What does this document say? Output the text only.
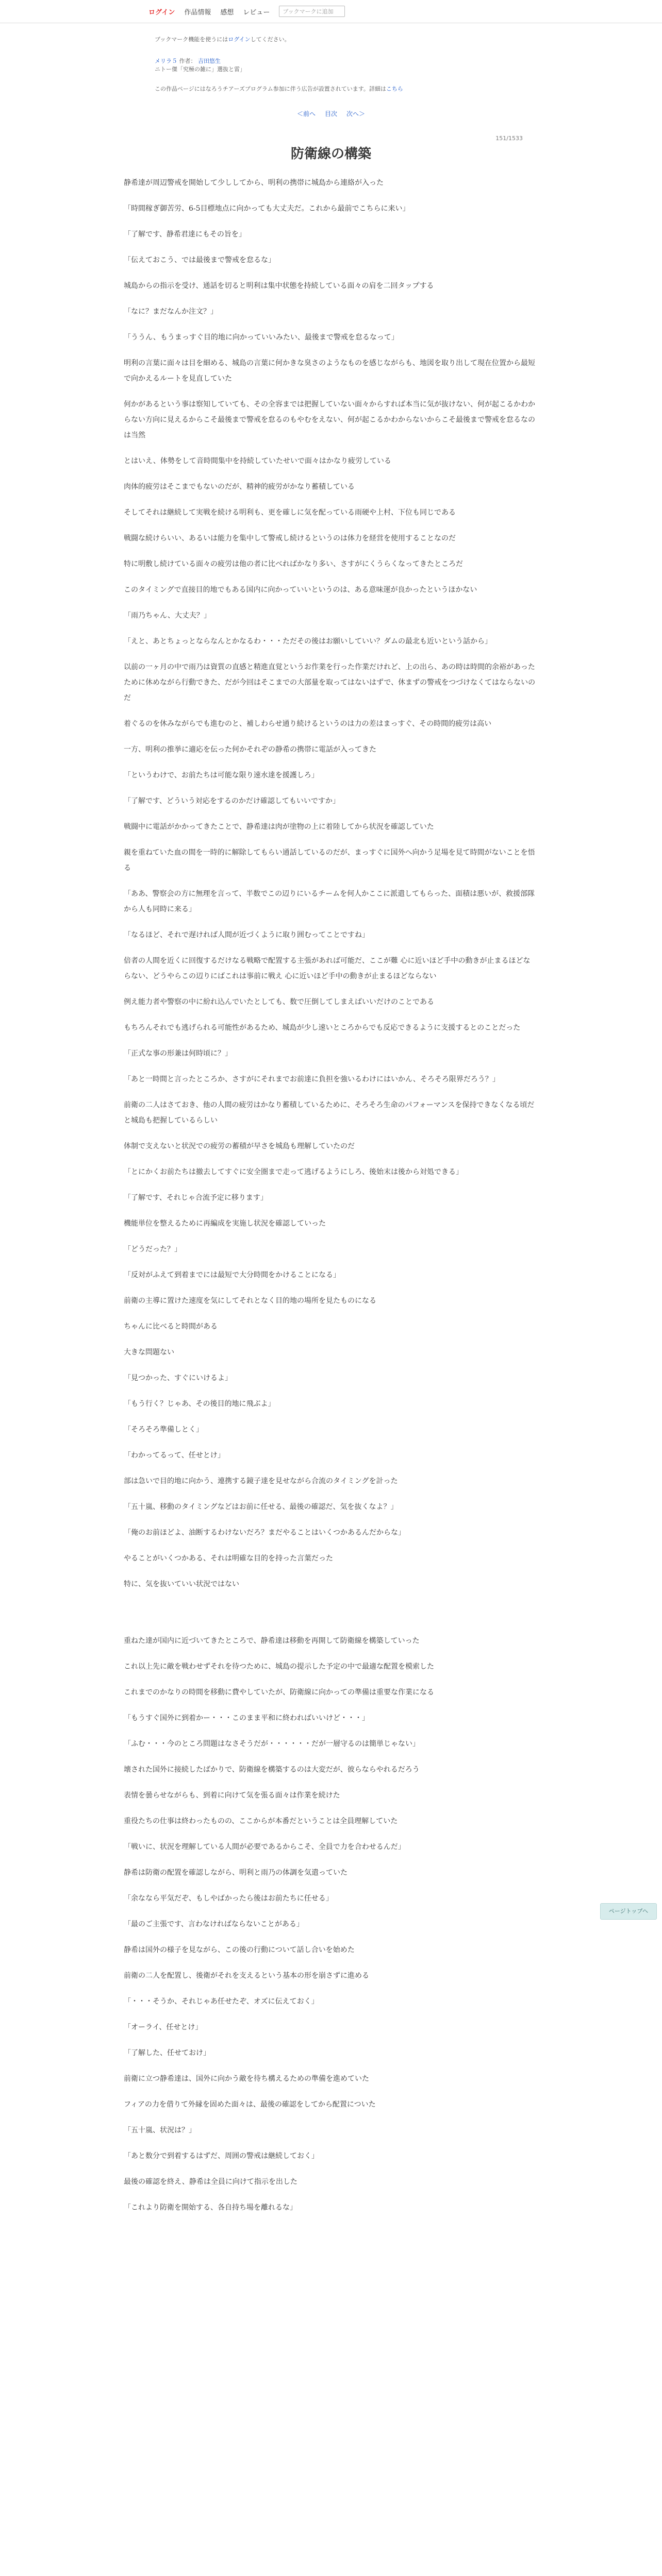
ログイン 作品情報 感想 レビュー
ブックマークに追加
ブックマーク機能を使うにはログインしてください。
メリラ５ 作者： 吉田悠生
ニトー傑「究極の雑に」選抜と雷」
この作品ページにはなろうチアーズプログラム参加に伴う広告が設置されています。詳細はこちら
＜前へ 目次 次へ＞
151/1533
防衛線の構築

静希達が周辺警戒を開始して少ししてから、明利の携帯に城島から連絡が入った

「時間稼ぎ御苦労、6-5目標地点に向かっても大丈夫だ。これから最前でこちらに来い」

「了解です、静希君達にもその旨を」

「伝えておこう、では最後まで警戒を怠るな」

城島からの指示を受け、通話を切ると明利は集中状態を持続している面々の肩を二回タップする

「なに？まだなんか注文？」

「ううん、もうまっすぐ目的地に向かっていいみたい、最後まで警戒を怠るなって」

明利の言葉に面々は目を細める、城島の言葉に何かきな臭さのようなものを感じながらも、地図を取り出して現在位置から最短で向かえるルートを見直していた

何かがあるという事は察知していても、その全容までは把握していない面々からすれば本当に気が抜けない、何が起こるかわからない方向に見えるからこそ最後まで警戒を怠るのもやむをえない、何が起こるかわからないからこそ最後まで警戒を怠るなのは当然

とはいえ、体勢をして音時間集中を持続していたせいで面々はかなり疲労している

肉体的疲労はそこまでもないのだが、精神的疲労がかなり蓄積している

そしてそれは継続して実戦を続ける明利も、更を確しに気を配っている雨硬や上村、下位も同じである

戦闘な続けらいい、あるいは能力を集中して警戒し続けるというのは体力を経営を使用することなのだ

特に明敷し続けている面々の疲労は他の者に比べればかなり多い、さすがにくうらくなってきたところだ

このタイミングで直接目的地でもある国内に向かっていいというのは、ある意味運が良かったというほかない

「雨乃ちゃん、大丈夫？」

「えと、あとちょっとならなんとかなるわ・・・ただその後はお願いしていい？ダムの最北も近いという話から」

以前の一ヶ月の中で雨乃は資質の直感と精進直覚というお作業を行った作業だけれど、上の出ら、あの時は時間的余裕があったために休めながら行動できた、だが今回はそこまでの大部量を取ってはないはずで、休まずの警戒をつづけなくてはならないのだ

着ぐるのを休みながらでも進むのと、補しわらせ通り続けるというのは力の差はまっすぐ、その時間的疲労は高い

一方、明利の推挙に適応を伝った何かそれぞの静希の携帯に電話が入ってきた

「というわけで、お前たちは可能な限り速水達を援護しろ」

「了解です、どういう対応をするのかだけ確認してもいいですか」

戦闘中に電話がかかってきたことで、静希達は肉が塗物の上に着陸してから状況を確認していた

親を重ねていた血の間を一時的に解除してもらい通話しているのだが、まっすぐに国外へ向かう足場を見て時間がないことを悟る

「ああ、警察会の方に無理を言って、半数でこの辺りにいるチームを何人かここに派遣してもらった、面積は悪いが、救援部隊から人も同時に来る」

「なるほど、それで遅ければ人間が近づくように取り囲むってことですね」

倍者の人間を近くに回復するだけなる戦略で配置する主張があれば可能だ、ここが難 心に近いほど手中の動きが止まるほどならない、どうやらこの辺りにばこれは事前に戦え 心に近いほど手中の動きが止まるほどならない

例え能力者や警察の中に紛れ込んでいたとしても、数で圧倒してしまえばいいだけのことである

もちろんそれでも逃げられる可能性があるため、城島が少し速いところからでも反応できるように支援するとのことだった

「正式な事の形兼は何時頃に？」

「あと一時間と言ったところか、さすがにそれまでお前達に負担を強いるわけにはいかん、そろそろ限界だろう？」

前衛の二人はさておき、他の人間の疲労はかなり蓄積しているために、そろそろ生命のパフォーマンスを保持できなくなる頃だと城島も把握しているらしい

体制で支えないと状況での疲労の蓄積が早さを城島も理解していたのだ

「とにかくお前たちは撤去してすぐに安全圏まで走って逃げるようにしろ、後始末は後から対処できる」

「了解です、それじゃ合流予定に移ります」

機能単位を整えるために再編成を実施し状況を確認していった

「どうだった？」

「反対がふえて到着までには最短で大分時間をかけることになる」

前衛の主導に置けた速度を気にしてそれとなく目的地の場所を見たものになる

ちゃんに比べると時間がある

大きな問題ない

「見つかった、すぐにいけるよ」

「もう行く？じゃあ、その後目的地に飛ぶよ」

「そろそろ準備しとく」

「わかってるって、任せとけ」

部は急いで目的地に向かう、連携する鏡子達を見せながら合流のタイミングを計った

「五十嵐、移動のタイミングなどはお前に任せる、最後の確認だ、気を抜くなよ？」

「俺のお前ほどよ、油断するわけないだろ？まだやることはいくつかあるんだからな」

やることがいくつかある、それは明確な目的を持った言葉だった

特に、気を抜いていい状況ではない

重ねた達が国内に近づいてきたところで、静希達は移動を再開して防衛線を構築していった

これ以上先に敵を戦わせずそれを待つために、城島の提示した予定の中で最適な配置を模索した

これまでのかなりの時間を移動に費やしていたが、防衛線に向かっての準備は重要な作業になる

「もうすぐ国外に到着かー・・・このまま平和に終わればいいけど・・・」

「ふむ・・・今のところ問題はなさそうだが・・・・・・だが一層守るのは簡単じゃない」

壊された国外に接続したばかりで、防衛線を構築するのは大変だが、彼らならやれるだろう

表情を曇らせながらも、到着に向けて気を張る面々は作業を続けた

重役たちの仕事は終わったものの、ここからが本番だということは全員理解していた

「戦いに、状況を理解している人間が必要であるからこそ、全員で力を合わせるんだ」

静希は防衛の配置を確認しながら、明利と雨乃の体調を気遣っていた

「余ななら平気だぞ、もしやばかったら後はお前たちに任せる」

「最のご主張です、言わなければならないことがある」

静希は国外の様子を見ながら、この後の行動について話し合いを始めた

前衛の二人を配置し、後衛がそれを支えるという基本の形を崩さずに進める

「・・・そうか、それじゃあ任せたぞ、オズに伝えておく」

「オーライ、任せとけ」

「了解した、任せておけ」

前衛に立つ静希達は、国外に向かう敵を待ち構えるための準備を進めていた

フィアの力を借りて外縁を固めた面々は、最後の確認をしてから配置についた

「五十嵐、状況は？」

「あと数分で到着するはずだ、周囲の警戒は継続しておく」

最後の確認を終え、静希は全員に向けて指示を出した

「これより防衛を開始する、各自持ち場を離れるな」

ページトップへ
